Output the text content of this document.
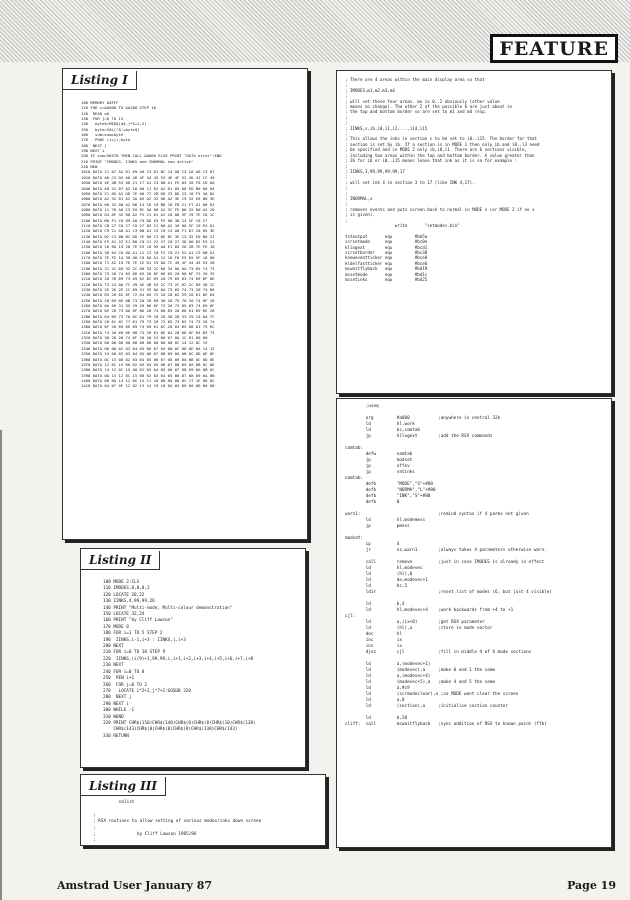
FEATURE
Listing I
100 MEMORY &9FFF
110 FOR i=&A000 TO &A288 STEP 16
120  READ a$
130  FOR j=0 TO 15
140   byte$=MID$(a$,j*3+1,2)
150   byte=VAL("&"+byte$)
160   sum=sum+byte
170   POKE (i+j),byte
180  NEXT j
190 NEXT i
200 IF sum=58578 THEN CALL &A000 ELSE PRINT "DATA error":END
210 PRINT "IMODES, IINKS and INORMAL now active"
220 NEW
1010 DATA 21 07 A2 01 09 A0 C3 D1 BC 14 A0 C3 2A A0 C3 07
1020 DATA A0 C3 D5 A0 4D 4F 44 45 53 4E 4F 52 4D 41 CC 49
1030 DATA 4E 4B 53 00 21 17 A1 C3 0B A1 FE 04 28 F6 CD 6A
1040 DATA A0 21 07 A2 16 00 11 02 A2 01 05 00 ED B0 06 04
1050 DATA 21 05 A2 DD 7E 00 77 2B DD 23 DD 23 10 F5 3A 02
1060 DATA A2 32 01 A2 3A 05 A2 32 06 A2 3E C9 32 E0 B0 3E
1070 DATA 00 32 00 A2 06 14 CD 19 BD 10 FB 21 F7 A1 06 81
1080 DATA 11 76 A0 C3 E0 BC 3A 00 A2 3C FE 06 32 00 A2 20
1090 DATA 04 AF 32 00 A2 F5 21 01 A2 16 00 5F 19 7E CD 1C
1100 DATA B0 F1 C0 99 A0 C9 DD E5 FE 06 38 14 5F C0 27
1110 DATA CB 27 C0 27 C0 27 83 21 00 A2 16 00 5F 19 E5 01
1120 DATA C9 21 A0 A1 C3 0B A1 15 C0 C4 A0 F1 D7 20 05 3E
1130 DATA 02 C3 0B BC DD 7E 00 C3 0E BC 3E C3 32 E0 B0 21
1140 DATA E5 A1 22 E1 B0 C9 21 22 47 C0 27 3D 00 D5 E5 21
1150 DATA 16 00 19 20 7E E5 C0 99 A0 E1 D5 20 2B 7E FE 10
1160 DATA 30 04 C0 0A A1 12 13 10 F2 C9 21 52 A1 C3 0B A1
1170 DATA 7E FE 1A 30 06 C0 0A A1 12 18 F6 E5 D5 5F 16 00
1180 DATA 71 A2 19 7E 7E 1E D1 C9 0A 7C 49 4F 44 45 53 20
1190 DATA 31 2C 69 32 2C 60 33 2C 60 34 0A 0A 73 65 74 73
1200 DATA 73 20 74 65 6D 65 20 6F 66 65 20 66 6F 72 20 33
1210 DATA 20 76 69 73 69 62 6C 65 20 75 65 63 74 69 6F 6E
1220 DATA 73 24 0A 7C 49 4E 4B 53 2C 73 2C 62 2C 69 30 2C
1230 DATA 2E 2E 2E 2C 69 31 35 0A 0A 73 65 74 73 20 74 68
1240 DATA 65 20 62 6F 72 64 65 72 20 28 62 29 20 61 6E 64
1250 DATA 20 69 6E 6B 73 20 28 69 30 20 75 70 20 74 6F 20
1260 DATA 0A 69 31 35 29 20 66 6F 72 20 73 65 63 74 69 6F
1270 DATA 6E 20 73 0A 6F 66 20 74 68 65 20 6D 61 69 6E 20
1280 DATA 64 69 73 70 6C 61 79 20 28 30 2D 33 29 24 0A 7C
1290 DATA 20 61 6C 77 61 79 73 20 72 65 73 65 74 73 20 74
1300 DATA 6F 20 69 6E 69 74 69 61 6C 20 64 65 66 61 75 6C
1310 DATA 74 20 69 6E 6B 73 20 61 6E 64 20 6D 6F 64 65 73
1320 DATA 30 20 20 74 6F 20 20 24 00 07 0A 1C 01 00 00
1330 DATA 00 00 00 00 00 00 00 00 00 00 0C 14 12 0C 15
1340 DATA 00 00 02 03 04 05 06 07 04 00 0C 0D 0E 0A 14 12
1350 DATA 15 00 02 03 04 05 06 07 08 09 0A 0B 0C 0D 0E 0F
1360 DATA 0C 15 00 02 03 04 05 06 07 08 09 0A 0B 0C 0D 0E
1370 DATA 12 0C 15 00 02 03 04 05 06 07 08 09 0A 0B 0C 0D
1380 DATA 14 12 0C 15 00 02 03 04 05 06 07 08 09 0A 0B 0C
1390 DATA 0A 14 12 0C 15 00 02 03 04 05 06 07 08 09 0A 0B
1400 DATA 00 0A 14 12 0C 15 11 10 0D 00 0D 0C 17 1E 00 0C
1410 DATA 04 07 0F 12 02 13 14 19 10 0A 03 00 00 00 00 00
Listing II
100 MODE 2:CLS
110 IMODES,0,0,0,2
120 LOCATE 20,22
130 IINKS,4,99,99,26
140 PRINT "Multi-mode, Multi-colour demonstration"
150 LOCATE 32,24
160 PRINT "by Cliff Lawson"
170 MODE 0
180 FOR i=1 TO 5 STEP 2
190  IINKS,i-1,i+3 : IINKS,i,i+3
200 NEXT
210 FOR i=0 TO 18 STEP 9
220  IINKS,(i/9)+1,99,99,i,i+1,i+2,i+3,i+4,i+5,i+6,i+7,i+8
230 NEXT
240 FOR i=0 TO 8
250  PEN i+1
260  FOR j=0 TO 2
270   LOCATE i*2+2,j*7+2:GOSUB 320
280  NEXT j
290 NEXT i
300 WHILE -1
310 WEND
320 PRINT CHR$(150)CHR$(140)CHR$(8)CHR$(8)CHR$(10)CHR$(138)
CHR$(143)CHR$(8)CHR$(8)CHR$(8)CHR$(138)CHR$(143)
330 RETURN
Listing III
nolist

;
; RSX routines to allow setting of various modes/inks down screen
;
;                by Cliff Lawson 1985/86
;
; There are 4 areas within the main display area so that
;
; IMODES,m1,m2,m3,m4
;
; will set these four areas. mx is 0..2 obviously (other value
; means no change). The other 2 of the possible 6 are just about in
; the top and bottom border so are set to m1 and m4 resp.
;
;
; IINKS,s,ib,i0,i1,i2,...,i14,i15
;
; This allows the inks in section s to be set to i0..i15. The border for that
; section is set by ib. If a section is in MODE 1 then only ib and i0..i3 need
; be specified and in MODE 2 only ib,i0,i1. There are 6 sections visible,
; including two areas within the top and bottom border. A value greater than
; 26 for ib or i0..i15 means leave that ink as it is so for example :
;
; IINKS,3,99,99,99,99,17
;
; will set ink 4 in section 3 to 17 (like INK 4,17).
;
;
; INORMAL,x
;
; removes events and puts screen back to normal in MODE x (or MODE 2 if no x
; is given).
;
write       "setmodes.bin"

txtoutput       equ         #bb5a
scrsetmode      equ         #bc0e
kllogext        equ         #bcd1
scrsetborder    equ         #bc38
kneweventticker equ         #bce0
kldelfastticker equ         #bce6
mcwaitflyback   equ         #bd19
mcsetmode       equ         #bd1c
mcsetinks       equ         #bd25
;useq

org         #a000           ;anywhere in central 32k
ld          hl,work
ld          bc,comtab
jp          kllogext        ;add the RSX commands

comtab:
defw        namtab
jp          modset
jp          offev
jp          setinks
namtab:
defb        "MODE","S"+#80
defb        "NORMA","L"+#80
defb        "INK","S"+#80
defb        0

warn1:                              ;remind syntax if 4 parms not given
ld          hl,modemess
jp          pmess

modset:
cp          4
jr          nz,warn1        ;always takes 4 parameters otherwise warn.

call        remove          ;just in case IMODES is already in effect
ld          hl,modevec
ld          (hl),0
ld          de,modevec+1
ld          bc,5
ldir                        ;reset list of modes (6, but just 4 visible)

ld          b,4
ld          hl,modevec+4    ;work backwards from +4 to +1
cjl:
ld          a,(ix+0)        ;get RSX parameter
ld          (hl),a          ;store in mode vector
dec         hl
inc         ix
inc         ix
djnz        cjl             ;fill in middle 4 of 6 mode sections

ld          a,(modevec+1)
ld          (modevec),a     ;make 0 and 1 the same
ld          a,(modevec+4)
ld          (modevec+5),a   ;make 4 and 5 the same
ld          a,#c9
ld          (scrmodeclear),a ;so MODE wont clear the screen
ld          a,0
ld          (section),a     ;initialise section counter

ld          b,20
cliff:  call        mcwaitflyback   ;sync addition of RSX to known point (ffb)
Amstrad User January 87	Page 19
